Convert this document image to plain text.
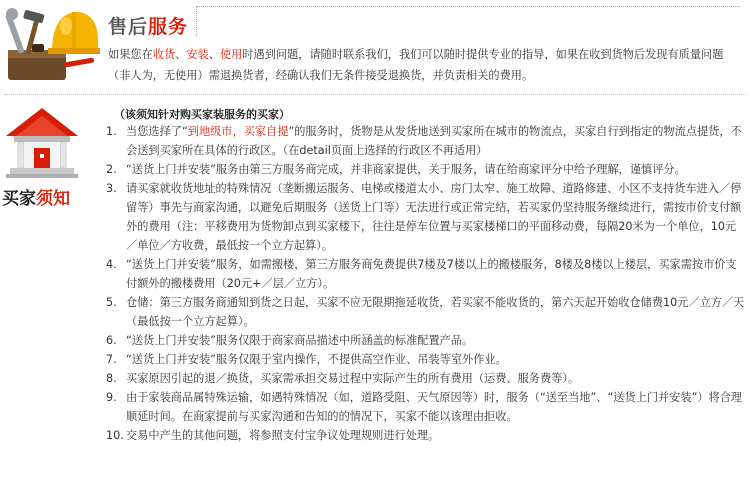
售后服务
如果您在收货、安装、使用时遇到问题，请随时联系我们，我们可以随时提供专业的指导，如果在收到货物后发现有质量问题（非人为，无使用）需退换货者，经确认我们无条件接受退换货，并负责相关的费用。
买家须知
（该须知针对购买家装服务的买家）
1. 当您选择了“到地级市，买家自提”的服务时，货物是从发货地送到买家所在城市的物流点，买家自行到指定的物流点提货，不会送到买家所在具体的行政区。（在detail页面上选择的行政区不再适用）
2. “送货上门并安装”服务由第三方服务商完成，并非商家提供，关于服务，请在给商家评分中给予理解，谨慎评分。
3. 请买家就收货地址的特殊情况（垄断搬运服务、电梯或楼道太小、房门太窄、施工故障、道路修建、小区不支持货车进入／停留等）事先与商家沟通，以避免后期服务（送货上门等）无法进行或正常完结，若买家仍坚持服务继续进行，需按市价支付额外的费用（注：平移费用为货物卸点到买家楼下，往往是停车位置与买家楼梯口的平面移动费，每隔20米为一个单位，10元／单位／方收费，最低按一个立方起算）。
4. “送货上门并安装”服务，如需搬楼，第三方服务商免费提供7楼及7楼以上的搬楼服务，8楼及8楼以上楼层，买家需按市价支付额外的搬楼费用（20元+／层／立方）。
5. 仓储：第三方服务商通知到货之日起，买家不应无限期拖延收货，若买家不能收货的，第六天起开始收仓储费10元／立方／天（最低按一个立方起算）。
6. “送货上门并安装”服务仅限于商家商品描述中所涵盖的标准配置产品。
7. “送货上门并安装”服务仅限于室内操作，不提供高空作业、吊装等室外作业。
8. 买家原因引起的退／换货，买家需承担交易过程中实际产生的所有费用（运费、服务费等）。
9. 由于家装商品属特殊运输，如遇特殊情况（如，道路受阻、天气原因等）时，服务（“送至当地”、“送货上门并安装”）将合理顺延时间。在商家提前与买家沟通和告知的的情况下，买家不能以该理由拒收。
10. 交易中产生的其他问题，将参照支付宝争议处理规则进行处理。
